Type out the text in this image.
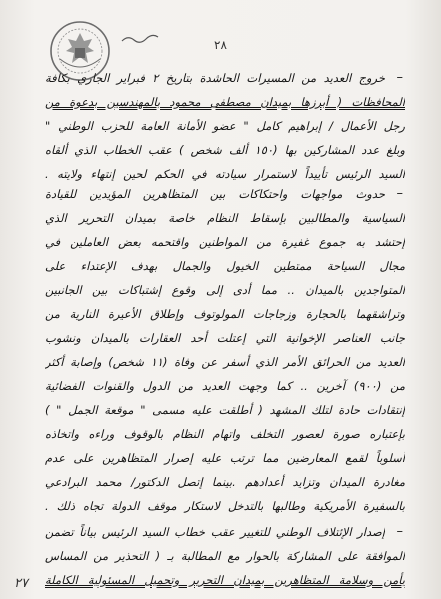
٢٨
–
خروج العديد من المسيرات الحاشدة بتاريخ ٢ فبراير الجاري بكافة
المحافظات ( أبرزها بميدان مصطفى محمود بالمهندسين بدعوة من
رجل الأعمال / إبراهيم كامل " عضو الأمانة العامة للحزب الوطني "
وبلغ عدد المشاركين بها (١٥٠ ألف شخص ) عقب الخطاب الذي ألقاه
السيد الرئيس تأييداً لاستمرار سيادته في الحكم لحين إنتهاء ولايته .
–
حدوث مواجهات واحتكاكات بين المتظاهرين المؤيدين للقيادة
السياسية والمطالبين بإسقاط النظام خاصة بميدان التحرير الذي
إحتشد به جموع غفيرة من المواطنين واقتحمه بعض العاملين في
مجال السياحة ممتطين الخيول والجمال بهدف الإعتداء على
المتواجدين بالميدان .. مما أدى إلى وقوع إشتباكات بين الجانبين
وتراشقهما بالحجارة وزجاجات المولوتوف وإطلاق الأعيرة النارية من
جانب العناصر الإخوانية التي إعتلت أحد العقارات بالميدان ونشوب
العديد من الحرائق الأمر الذي أسفر عن وفاة (١١ شخص) وإصابة أكثر
من (٩٠٠) آخرين .. كما وجهت العديد من الدول والقنوات الفضائية
إنتقادات حادة لتلك المشهد ( أطلقت عليه مسمى " موقعة الجمل " )
بإعتباره صورة لعصور التخلف واتهام النظام بالوقوف وراءه واتخاذه
أسلوباً لقمع المعارضين مما ترتب عليه إصرار المتظاهرين على عدم
مغادرة الميدان وتزايد أعدادهم .بينما إتصل الدكتور/ محمد البرادعي
بالسفيرة الأمريكية وطالبها بالتدخل لاستكار موقف الدولة تجاه ذلك .
–
إصدار الإئتلاف الوطني للتغيير عقب خطاب السيد الرئيس بياناً تضمن
الموافقة على المشاركة بالحوار مع المطالبة بـ ( التحذير من المساس
بأمن وسلامة المتظاهرين بميدان التحرير وتحميل المسئولية الكاملة
٢٧
